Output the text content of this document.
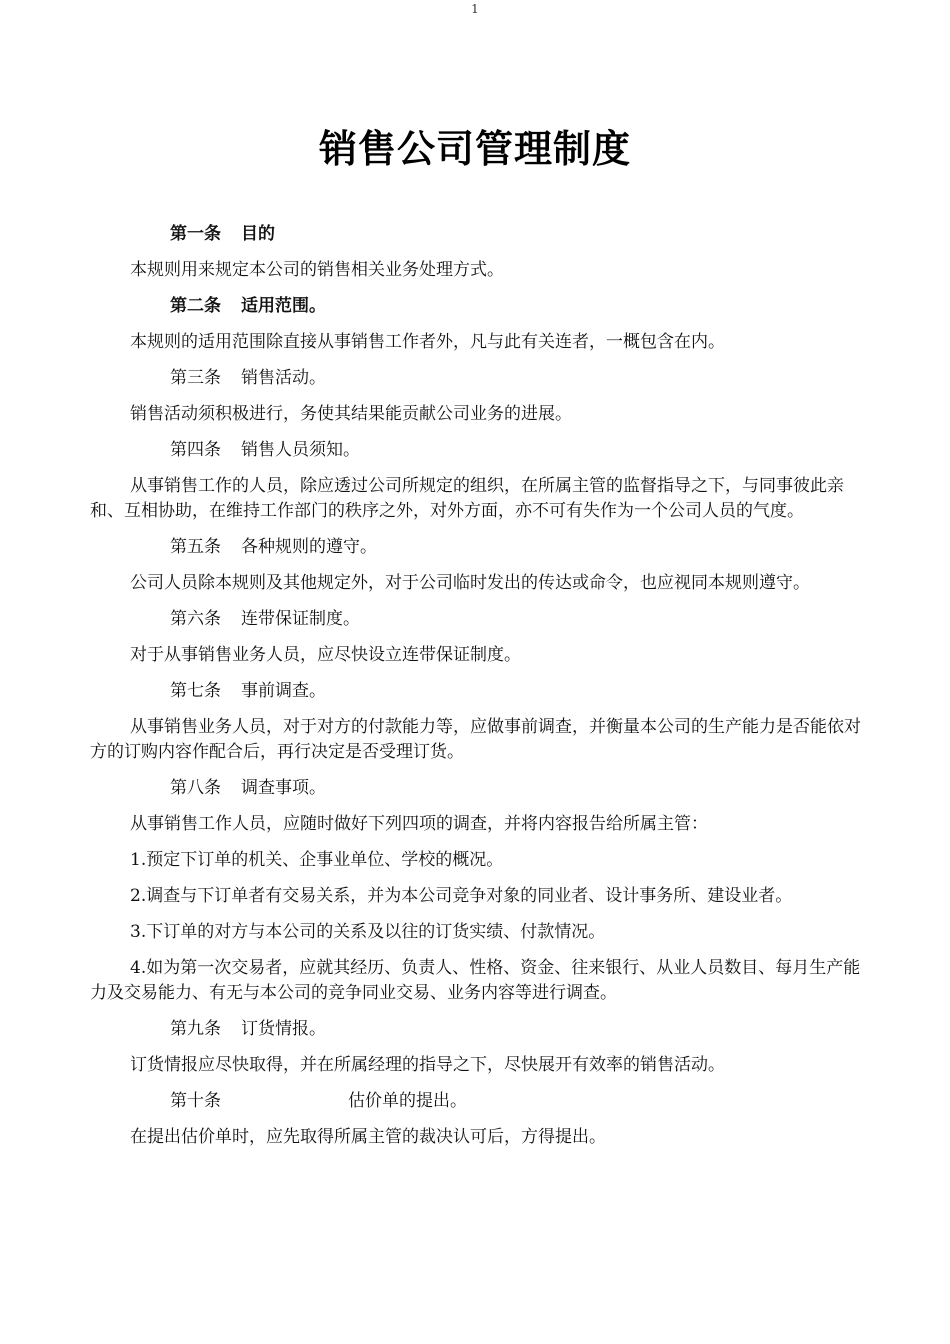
1
销售公司管理制度

第一条 目的

本规则用来规定本公司的销售相关业务处理方式。

第二条 适用范围。

本规则的适用范围除直接从事销售工作者外，凡与此有关连者，一概包含在内。

第三条 销售活动。

销售活动须积极进行，务使其结果能贡献公司业务的进展。

第四条 销售人员须知。

从事销售工作的人员，除应透过公司所规定的组织，在所属主管的监督指导之下，与同事彼此亲和、互相协助，在维持工作部门的秩序之外，对外方面，亦不可有失作为一个公司人员的气度。

第五条 各种规则的遵守。

公司人员除本规则及其他规定外，对于公司临时发出的传达或命令，也应视同本规则遵守。

第六条 连带保证制度。

对于从事销售业务人员，应尽快设立连带保证制度。

第七条 事前调查。

从事销售业务人员，对于对方的付款能力等，应做事前调查，并衡量本公司的生产能力是否能依对方的订购内容作配合后，再行决定是否受理订货。

第八条 调查事项。

从事销售工作人员，应随时做好下列四项的调查，并将内容报告给所属主管：

1.预定下订单的机关、企事业单位、学校的概况。

2.调查与下订单者有交易关系，并为本公司竞争对象的同业者、设计事务所、建设业者。

3.下订单的对方与本公司的关系及以往的订货实绩、付款情况。

4.如为第一次交易者，应就其经历、负责人、性格、资金、往来银行、从业人员数目、每月生产能力及交易能力、有无与本公司的竞争同业交易、业务内容等进行调查。

第九条 订货情报。

订货情报应尽快取得，并在所属经理的指导之下，尽快展开有效率的销售活动。

第十条	估价单的提出。

在提出估价单时，应先取得所属主管的裁决认可后，方得提出。
